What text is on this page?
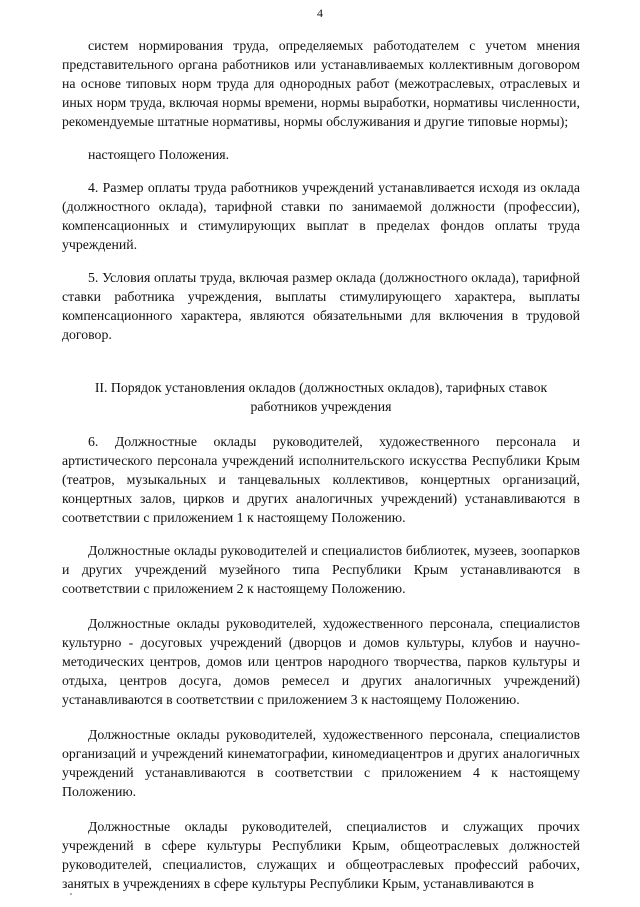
4

систем нормирования труда, определяемых работодателем с учетом мнения представительного органа работников или устанавливаемых коллективным договором на основе типовых норм труда для однородных работ (межотраслевых, отраслевых и иных норм труда, включая нормы времени, нормы выработки, нормативы численности, рекомендуемые штатные нормативы, нормы обслуживания и другие типовые нормы);

настоящего Положения.

4. Размер оплаты труда работников учреждений устанавливается исходя из оклада (должностного оклада), тарифной ставки по занимаемой должности (профессии), компенсационных и стимулирующих выплат в пределах фондов оплаты труда учреждений.

5. Условия оплаты труда, включая размер оклада (должностного оклада), тарифной ставки работника учреждения, выплаты стимулирующего характера, выплаты компенсационного характера, являются обязательными для включения в трудовой договор.

II. Порядок установления окладов (должностных окладов), тарифных ставок
работников учреждения

6. Должностные оклады руководителей, художественного персонала и артистического персонала учреждений исполнительского искусства Республики Крым (театров, музыкальных и танцевальных коллективов, концертных организаций, концертных залов, цирков и других аналогичных учреждений) устанавливаются в соответствии с приложением 1 к настоящему Положению.

Должностные оклады руководителей и специалистов библиотек, музеев, зоопарков и других учреждений музейного типа Республики Крым устанавливаются в соответствии с приложением 2 к настоящему Положению.

Должностные оклады руководителей, художественного персонала, специалистов культурно - досуговых учреждений (дворцов и домов культуры, клубов и научно-методических центров, домов или центров народного творчества, парков культуры и отдыха, центров досуга, домов ремесел и других аналогичных учреждений) устанавливаются в соответствии с приложением 3 к настоящему Положению.

Должностные оклады руководителей, художественного персонала, специалистов организаций и учреждений кинематографии, киномедиацентров и других аналогичных учреждений устанавливаются в соответствии с приложением 4 к настоящему Положению.

Должностные оклады руководителей, специалистов и служащих прочих учреждений в сфере культуры Республики Крым, общеотраслевых должностей руководителей, специалистов, служащих и общеотраслевых профессий рабочих, занятых в учреждениях в сфере культуры Республики Крым, устанавливаются в
